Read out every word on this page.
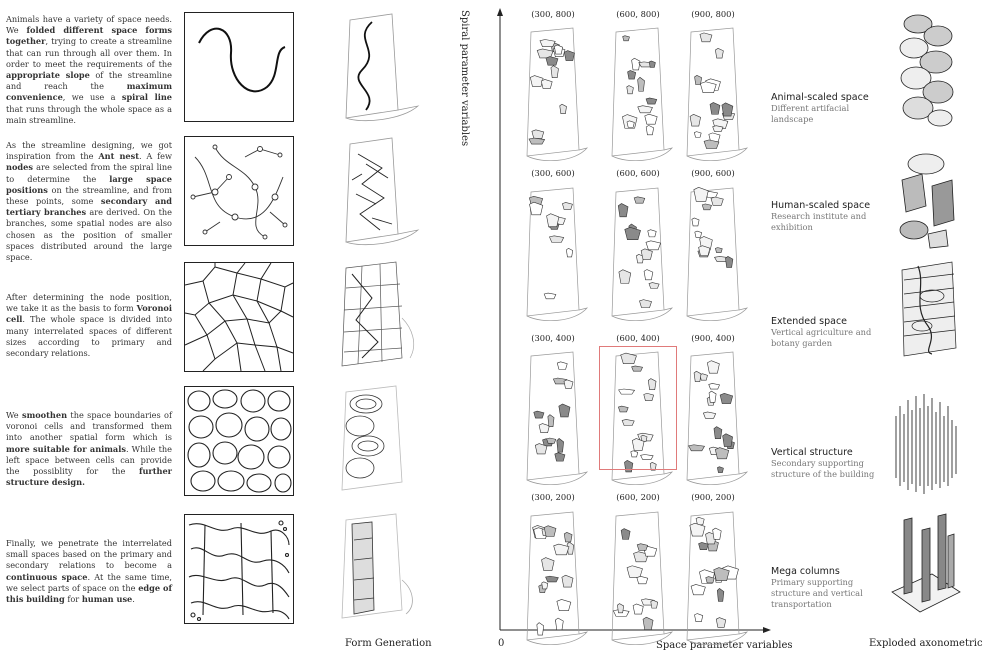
Animals have a variety of space needs. We folded different space forms together, trying to create a streamline that can run through all over them. In order to meet the requirements of the appropriate slope of the streamline and reach the maximum convenience, we use a spiral line that runs through the whole space as a main streamline.
As the streamline designing, we got inspiration from the Ant nest. A few nodes are selected from the spiral line to determine the large space positions on the streamline, and from these points, some secondary and tertiary branches are derived. On the branches, some spatial nodes are also chosen as the position of smaller spaces distributed around the large space.
After determining the node position, we take it as the basis to form Voronoi cell. The whole space is divided into many interrelated spaces of different sizes according to primary and secondary relations.
We smoothen the space boundaries of voronoi cells and transformed them into another spatial form which is more suitable for animals. While the left space between cells can provide the possiblity for the further structure design.
Finally, we penetrate the interrelated small spaces based on the primary and secondary relations to become a continuous space. At the same time, we select parts of space on the edge of this building for human use.
Form Generation
Spiral parameter variables
0	Space parameter variables
(300, 800)	(600, 800)	(900, 800)
(300, 600)	(600, 600)	(900, 600)
(300, 400)	(600, 400)	(900, 400)
(300, 200)	(600, 200)	(900, 200)
Animal-scaled space
Different artifacial landscape
Human-scaled space
Research institute and exhibition
Extended space
Vertical agriculture and botany garden
Vertical structure
Secondary supporting structure of the building
Mega columns
Primary supporting structure and vertical transportation
Exploded axonometric
